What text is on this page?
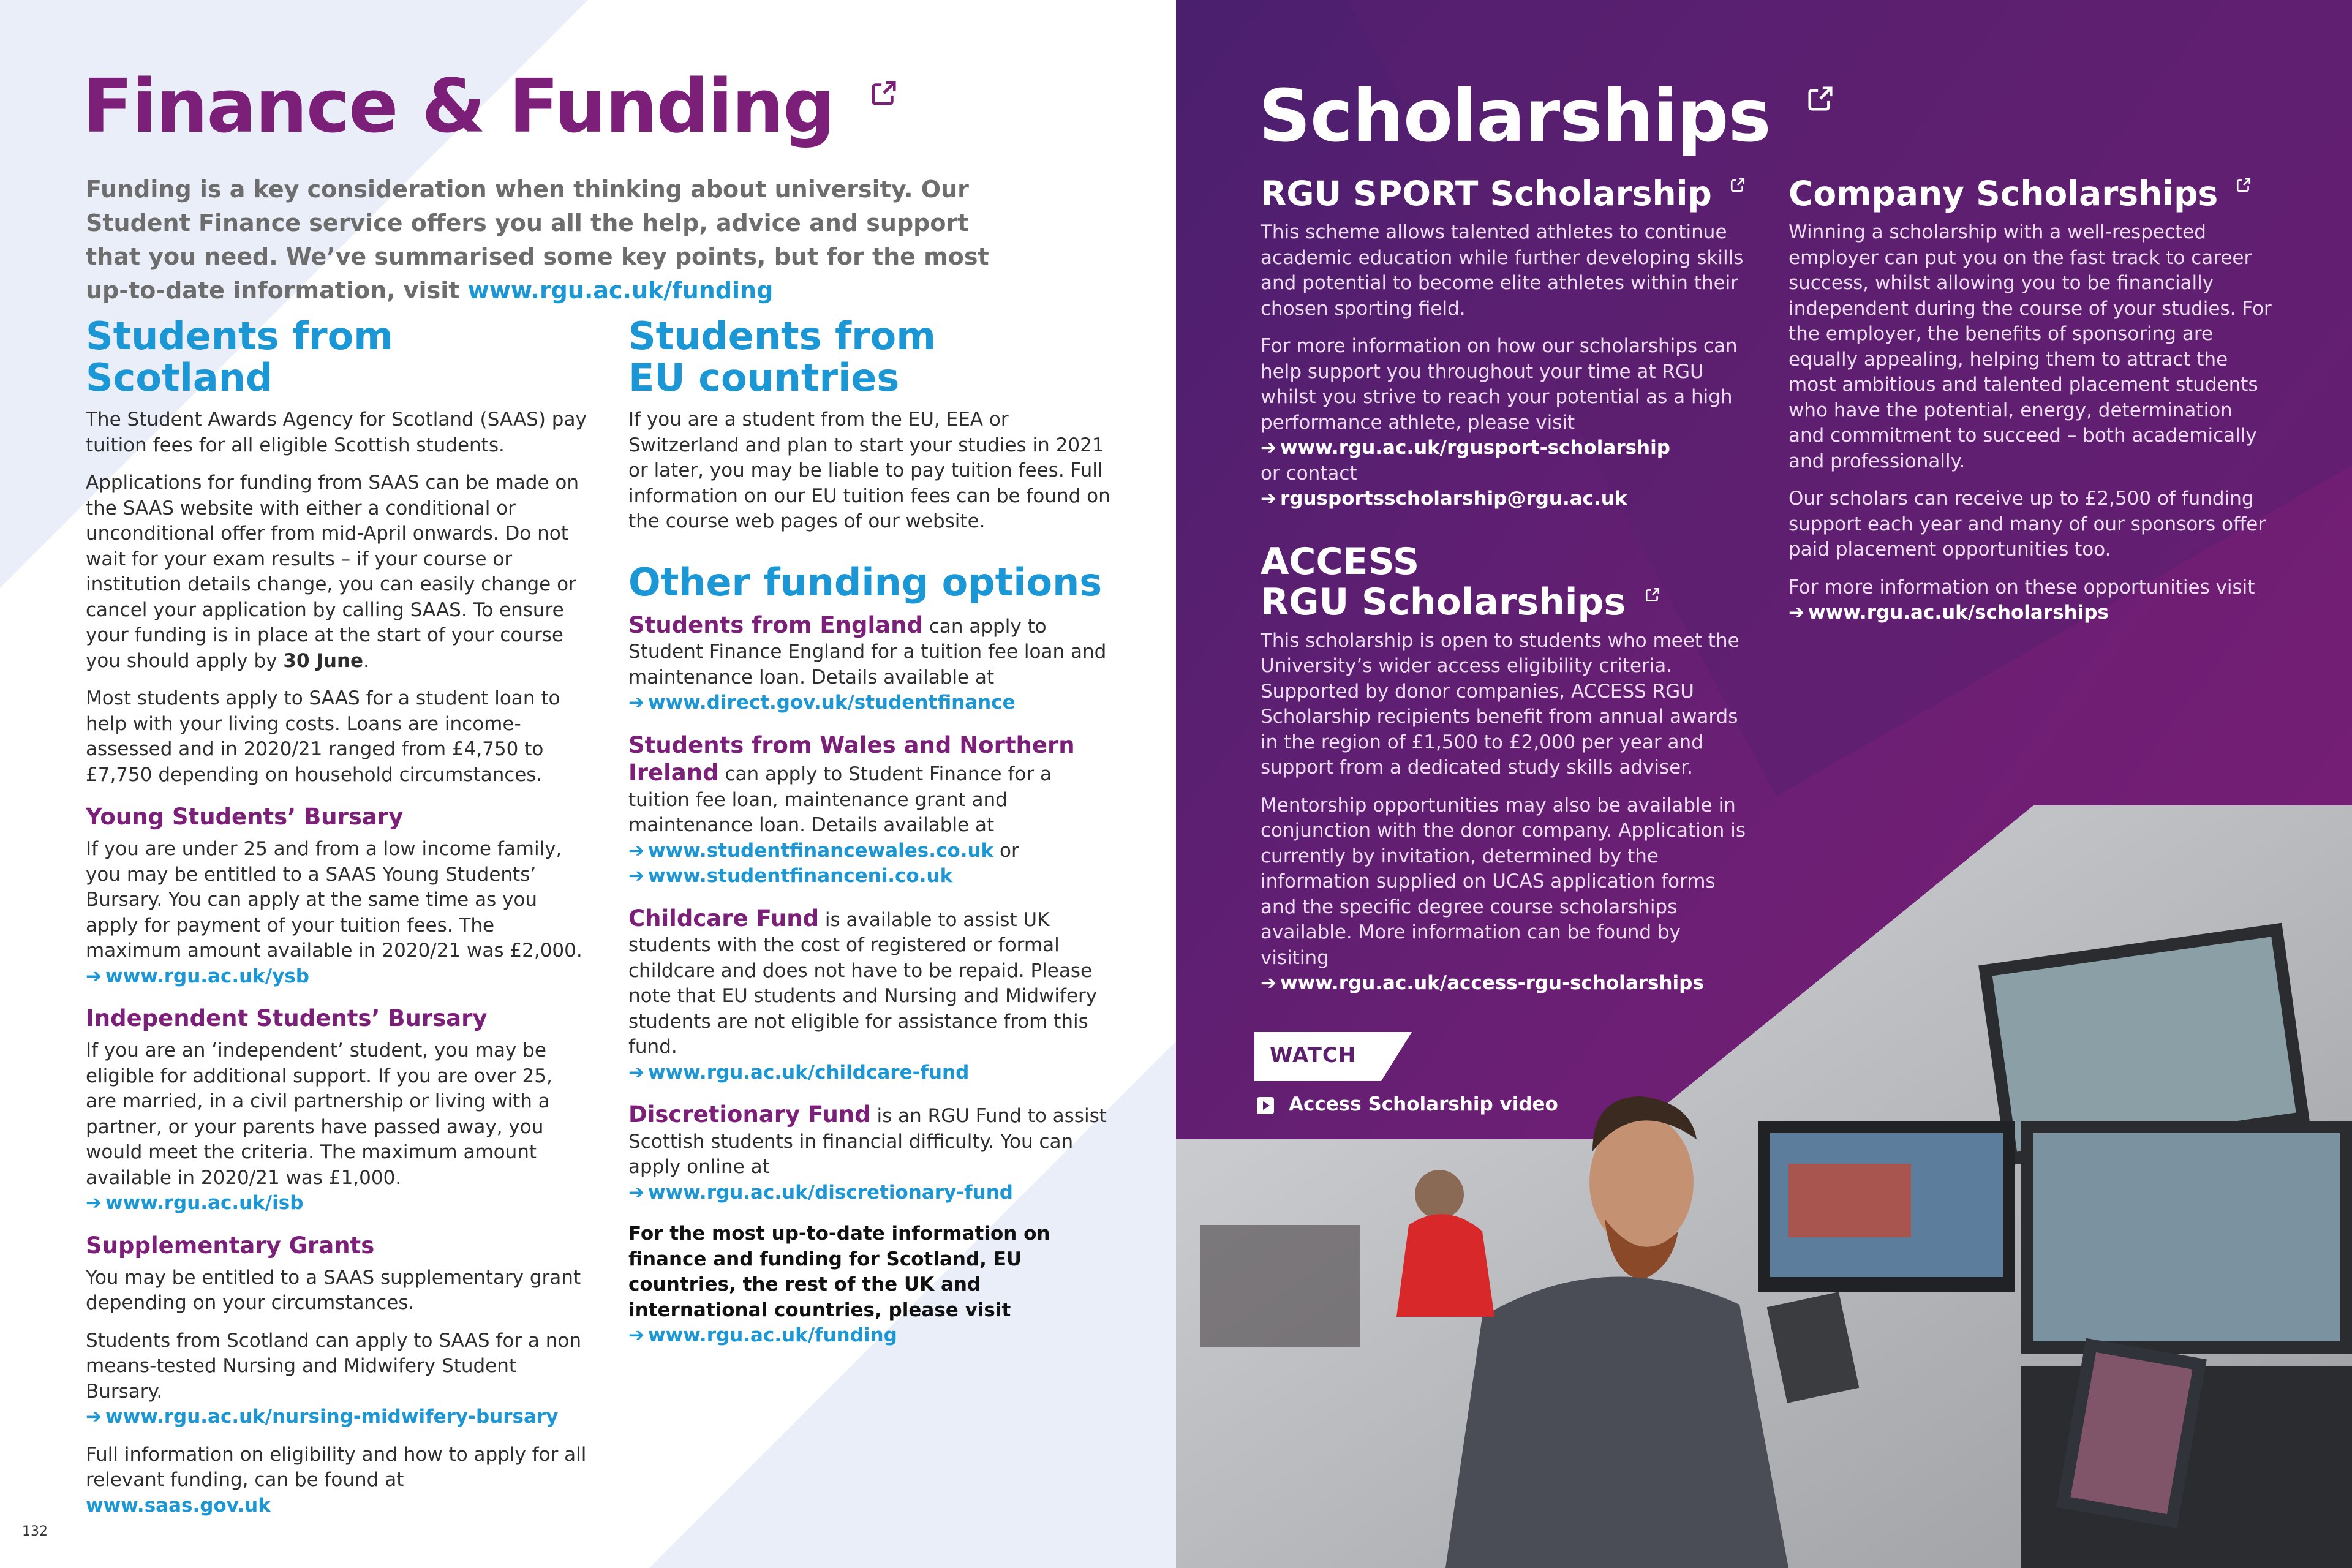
Finance & Funding
Funding is a key consideration when thinking about university. Our Student Finance service offers you all the help, advice and support that you need. We’ve summarised some key points, but for the most up-to-date information, visit www.rgu.ac.uk/funding
Students from Scotland

The Student Awards Agency for Scotland (SAAS) pay tuition fees for all eligible Scottish students.

Applications for funding from SAAS can be made on the SAAS website with either a conditional or unconditional offer from mid-April onwards. Do not wait for your exam results – if your course or institution details change, you can easily change or cancel your application by calling SAAS. To ensure your funding is in place at the start of your course you should apply by 30 June.

Most students apply to SAAS for a student loan to help with your living costs. Loans are income-assessed and in 2020/21 ranged from £4,750 to £7,750 depending on household circumstances.

Young Students’ Bursary
If you are under 25 and from a low income family, you may be entitled to a SAAS Young Students’ Bursary. You can apply at the same time as you apply for payment of your tuition fees. The maximum amount available in 2020/21 was £2,000.
➔ www.rgu.ac.uk/ysb
Independent Students’ Bursary
If you are an ‘independent’ student, you may be eligible for additional support. If you are over 25, are married, in a civil partnership or living with a partner, or your parents have passed away, you would meet the criteria. The maximum amount available in 2020/21 was £1,000.
➔ www.rgu.ac.uk/isb
Supplementary Grants

You may be entitled to a SAAS supplementary grant depending on your circumstances.

Students from Scotland can apply to SAAS for a non means-tested Nursing and Midwifery Student Bursary.
➔ www.rgu.ac.uk/nursing-midwifery-bursary
Full information on eligibility and how to apply for all relevant funding, can be found at www.saas.gov.uk
Students from
EU countries
If you are a student from the EU, EEA or Switzerland and plan to start your studies in 2021 or later, you may be liable to pay tuition fees. Full information on our EU tuition fees can be found on the course web pages of our website.
Other funding options
Students from England can apply to Student Finance England for a tuition fee loan and maintenance loan. Details available at
➔ www.direct.gov.uk/studentfinance
Students from Wales and Northern
Ireland can apply to Student Finance for a tuition fee loan, maintenance grant and maintenance loan. Details available at
➔ www.studentfinancewales.co.uk or
➔ www.studentfinanceni.co.uk
Childcare Fund is available to assist UK students with the cost of registered or formal childcare and does not have to be repaid. Please note that EU students and Nursing and Midwifery students are not eligible for assistance from this fund.
➔ www.rgu.ac.uk/childcare-fund
Discretionary Fund is an RGU Fund to assist Scottish students in financial difficulty. You can apply online at
➔ www.rgu.ac.uk/discretionary-fund
For the most up-to-date information on finance and funding for Scotland, EU countries, the rest of the UK and international countries, please visit
➔ www.rgu.ac.uk/funding
132
Scholarships
RGU SPORT Scholarship

This scheme allows talented athletes to continue academic education while further developing skills and potential to become elite athletes within their chosen sporting field.

For more information on how our scholarships can help support you throughout your time at RGU whilst you strive to reach your potential as a high performance athlete, please visit
➔ www.rgu.ac.uk/rgusport-scholarship
or contact
➔ rgusportsscholarship@rgu.ac.uk
ACCESS
RGU Scholarships

This scholarship is open to students who meet the University’s wider access eligibility criteria. Supported by donor companies, ACCESS RGU Scholarship recipients benefit from annual awards in the region of £1,500 to £2,000 per year and support from a dedicated study skills adviser.

Mentorship opportunities may also be available in conjunction with the donor company. Application is currently by invitation, determined by the information supplied on UCAS application forms and the specific degree course scholarships available. More information can be found by visiting
➔ www.rgu.ac.uk/access-rgu-scholarships
WATCH
Access Scholarship video
Company Scholarships

Winning a scholarship with a well-respected employer can put you on the fast track to career success, whilst allowing you to be financially independent during the course of your studies. For the employer, the benefits of sponsoring are equally appealing, helping them to attract the most ambitious and talented placement students who have the potential, energy, determination and commitment to succeed – both academically and professionally.

Our scholars can receive up to £2,500 of funding support each year and many of our sponsors offer paid placement opportunities too.

For more information on these opportunities visit
➔ www.rgu.ac.uk/scholarships
